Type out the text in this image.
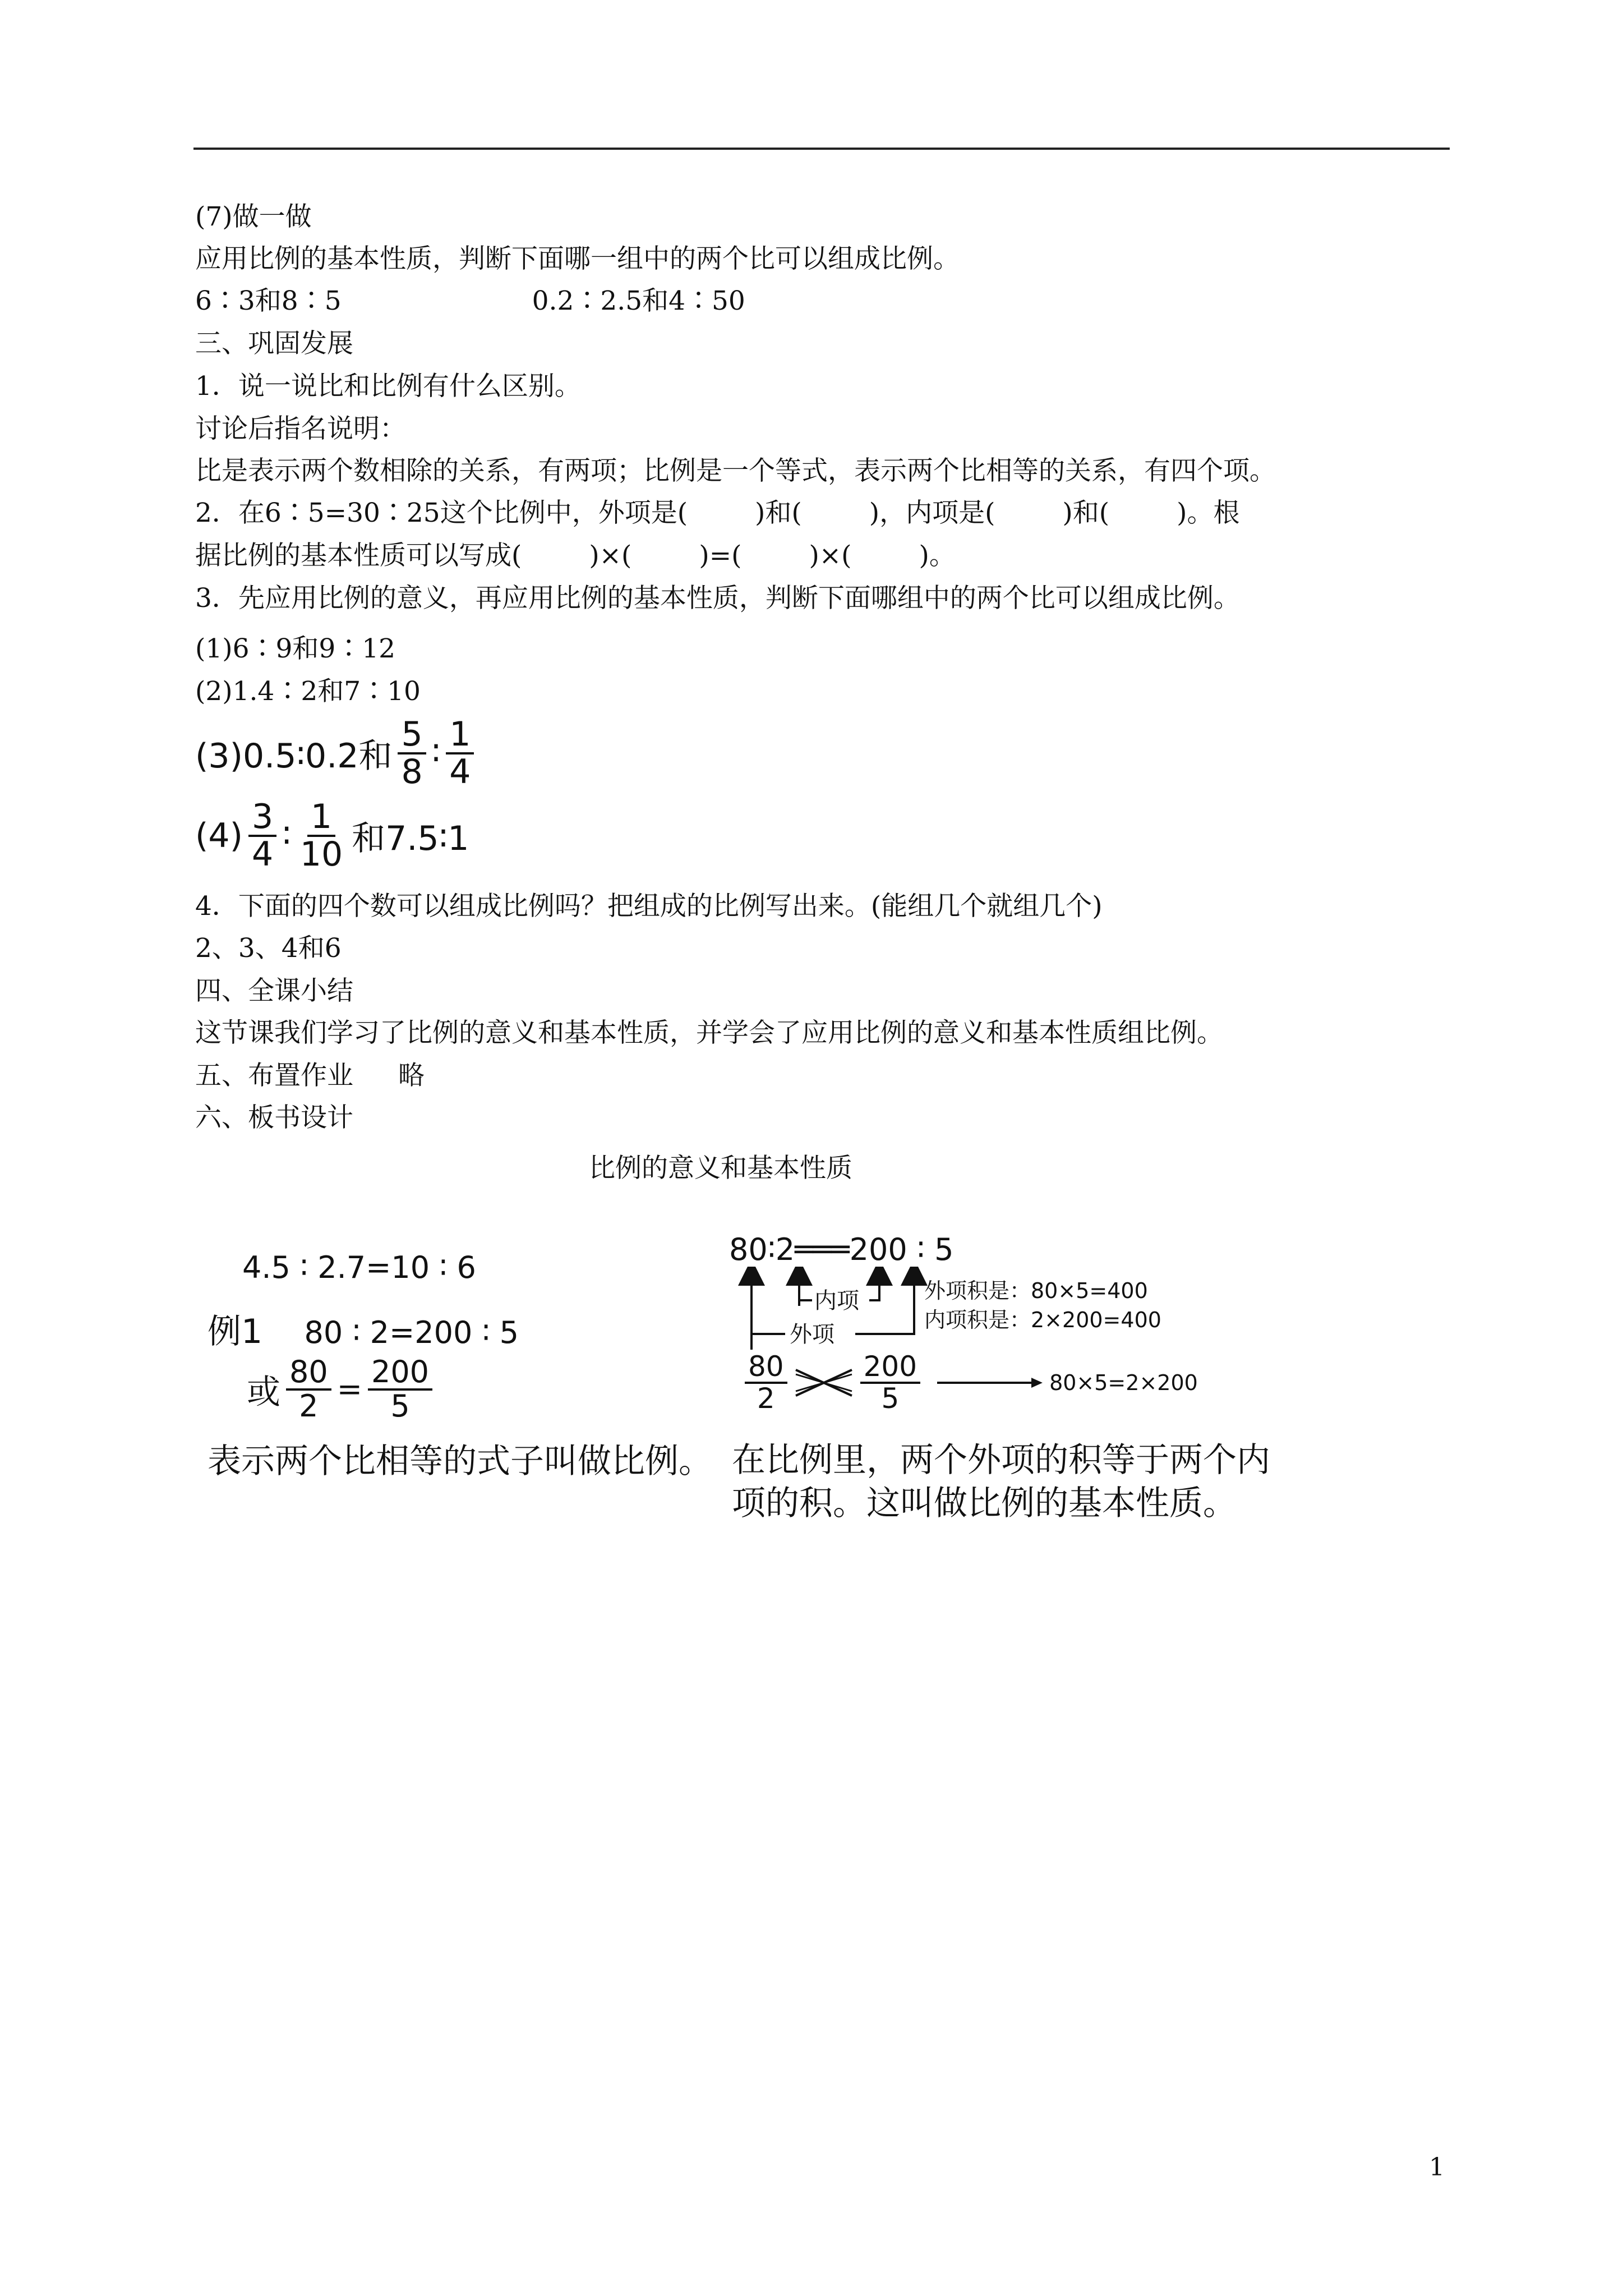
(7)做一做
应用比例的基本性质，判断下面哪一组中的两个比可以组成比例。
6∶3和8∶5	0.2∶2.5和4∶50
三、巩固发展
1．说一说比和比例有什么区别。
讨论后指名说明：
比是表示两个数相除的关系，有两项；比例是一个等式，表示两个比相等的关系，有四个项。
2．在6∶5=30∶25这个比例中，外项是(	)和(	)，内项是(	)和(	)。根
据比例的基本性质可以写成(	)×(	)=(	)×(	)。
3．先应用比例的意义，再应用比例的基本性质，判断下面哪组中的两个比可以组成比例。
(1)6∶9和9∶12
(2)1.4∶2和7∶10
(3)0.5∶0.2和 $\frac{5}{8}$ ∶ $\frac{1}{4}$
$(4) \frac{3}{4}$ ∶ $\frac{1}{10}$ 和7.5∶1
4．下面的四个数可以组成比例吗？把组成的比例写出来。(能组几个就组几个)
2、3、4和6
四、全课小结
这节课我们学习了比例的意义和基本性质，并学会了应用比例的意义和基本性质组比例。
五、布置作业 略
六、板书设计
比例的意义和基本性质
4.5 ∶ 2.7=10 ∶ 6
例1 80 ∶ 2=200 ∶ 5
或 $\frac{80}{2} = \frac{200}{5}$
表示两个比相等的式子叫做比例。
80∶2═══200 ∶ 5
内项
外项
外项积是：80×5=400
内项积是：2×200=400
$\frac{80}{2}$	$\frac{200}{5}$	80×5=2×200
在比例里，两个外项的积等于两个内
项的积。这叫做比例的基本性质。
1
